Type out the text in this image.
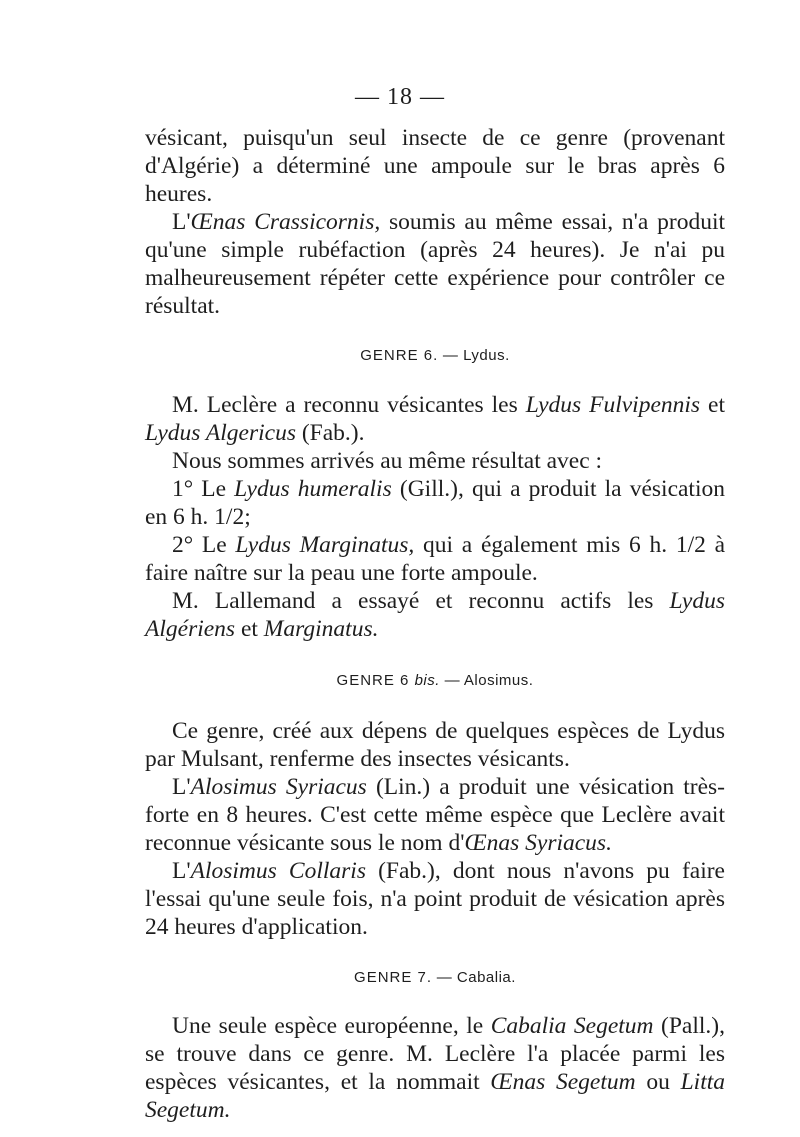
— 18 —

vésicant, puisqu'un seul insecte de ce genre (provenant d'Algérie) a déterminé une ampoule sur le bras après 6 heures.

L'Œnas Crassicornis, soumis au même essai, n'a produit qu'une simple rubéfaction (après 24 heures). Je n'ai pu malheureusement répéter cette expérience pour contrôler ce résultat.

GENRE 6. — Lydus.

M. Leclère a reconnu vésicantes les Lydus Fulvipennis et Lydus Algericus (Fab.).

Nous sommes arrivés au même résultat avec :

1° Le Lydus humeralis (Gill.), qui a produit la vésication en 6 h. 1/2;

2° Le Lydus Marginatus, qui a également mis 6 h. 1/2 à faire naître sur la peau une forte ampoule.

M. Lallemand a essayé et reconnu actifs les Lydus Algériens et Marginatus.

GENRE 6 bis. — Alosimus.

Ce genre, créé aux dépens de quelques espèces de Lydus par Mulsant, renferme des insectes vésicants.

L'Alosimus Syriacus (Lin.) a produit une vésication très-forte en 8 heures. C'est cette même espèce que Leclère avait reconnue vésicante sous le nom d'Œnas Syriacus.

L'Alosimus Collaris (Fab.), dont nous n'avons pu faire l'essai qu'une seule fois, n'a point produit de vésication après 24 heures d'application.

GENRE 7. — Cabalia.

Une seule espèce européenne, le Cabalia Segetum (Pall.), se trouve dans ce genre. M. Leclère l'a placée parmi les espèces vésicantes, et la nommait Œnas Segetum ou Litta Segetum.
